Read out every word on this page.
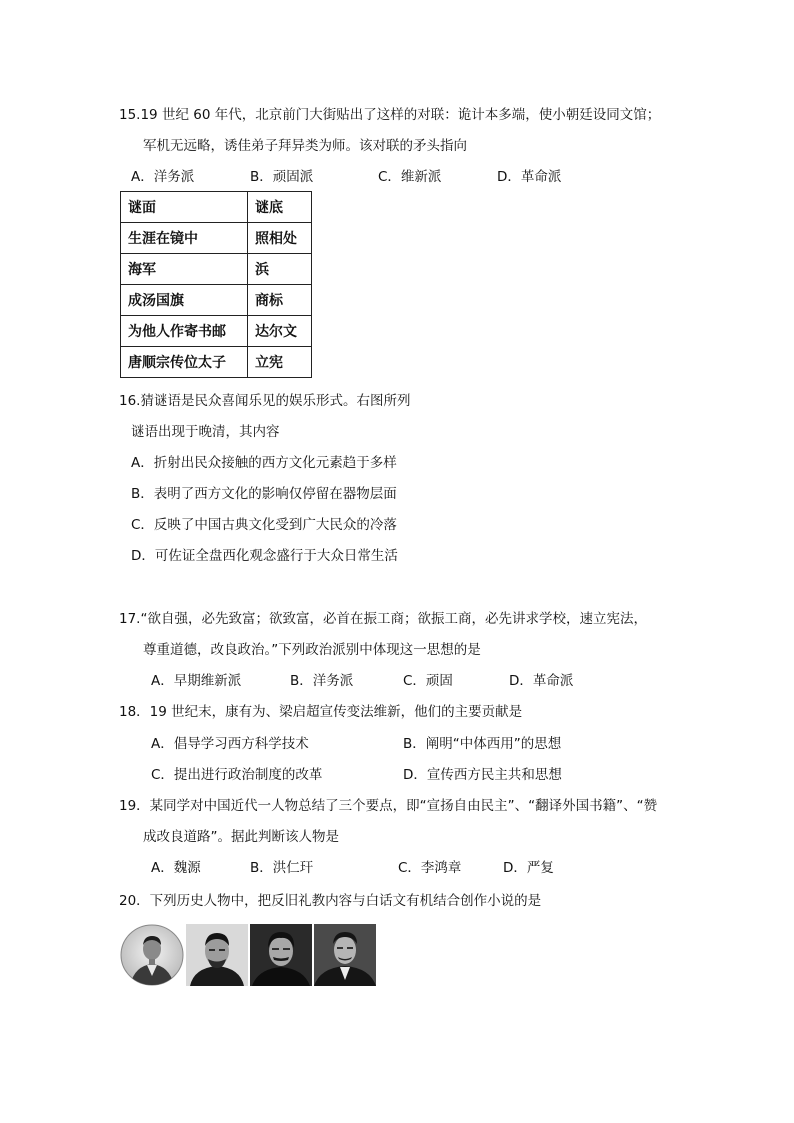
15.19 世纪 60 年代，北京前门大街贴出了这样的对联：诡计本多端，使小朝廷设同文馆；
军机无远略，诱佳弟子拜异类为师。该对联的矛头指向
A．洋务派	B．顽固派	C．维新派	D．革命派
谜面	谜底
生涯在镜中	照相处
海军	浜
成汤国旗	商标
为他人作寄书邮	达尔文
唐顺宗传位太子	立宪
16.猜谜语是民众喜闻乐见的娱乐形式。右图所列
谜语出现于晚清，其内容
A．折射出民众接触的西方文化元素趋于多样
B．表明了西方文化的影响仅停留在器物层面
C．反映了中国古典文化受到广大民众的冷落
D．可佐证全盘西化观念盛行于大众日常生活
17.“欲自强，必先致富；欲致富，必首在振工商；欲振工商，必先讲求学校，速立宪法，
尊重道德，改良政治。”下列政治派别中体现这一思想的是
A．早期维新派	B．洋务派	C．顽固	D．革命派
18．19 世纪末，康有为、梁启超宣传变法维新，他们的主要贡献是
A．倡导学习西方科学技术	B．阐明“中体西用”的思想
C．提出进行政治制度的改革	D．宣传西方民主共和思想
19．某同学对中国近代一人物总结了三个要点，即“宣扬自由民主”、“翻译外国书籍”、“赞
成改良道路”。据此判断该人物是
A．魏源	B．洪仁玕	C．李鸿章	D．严复
20．下列历史人物中，把反旧礼教内容与白话文有机结合创作小说的是
